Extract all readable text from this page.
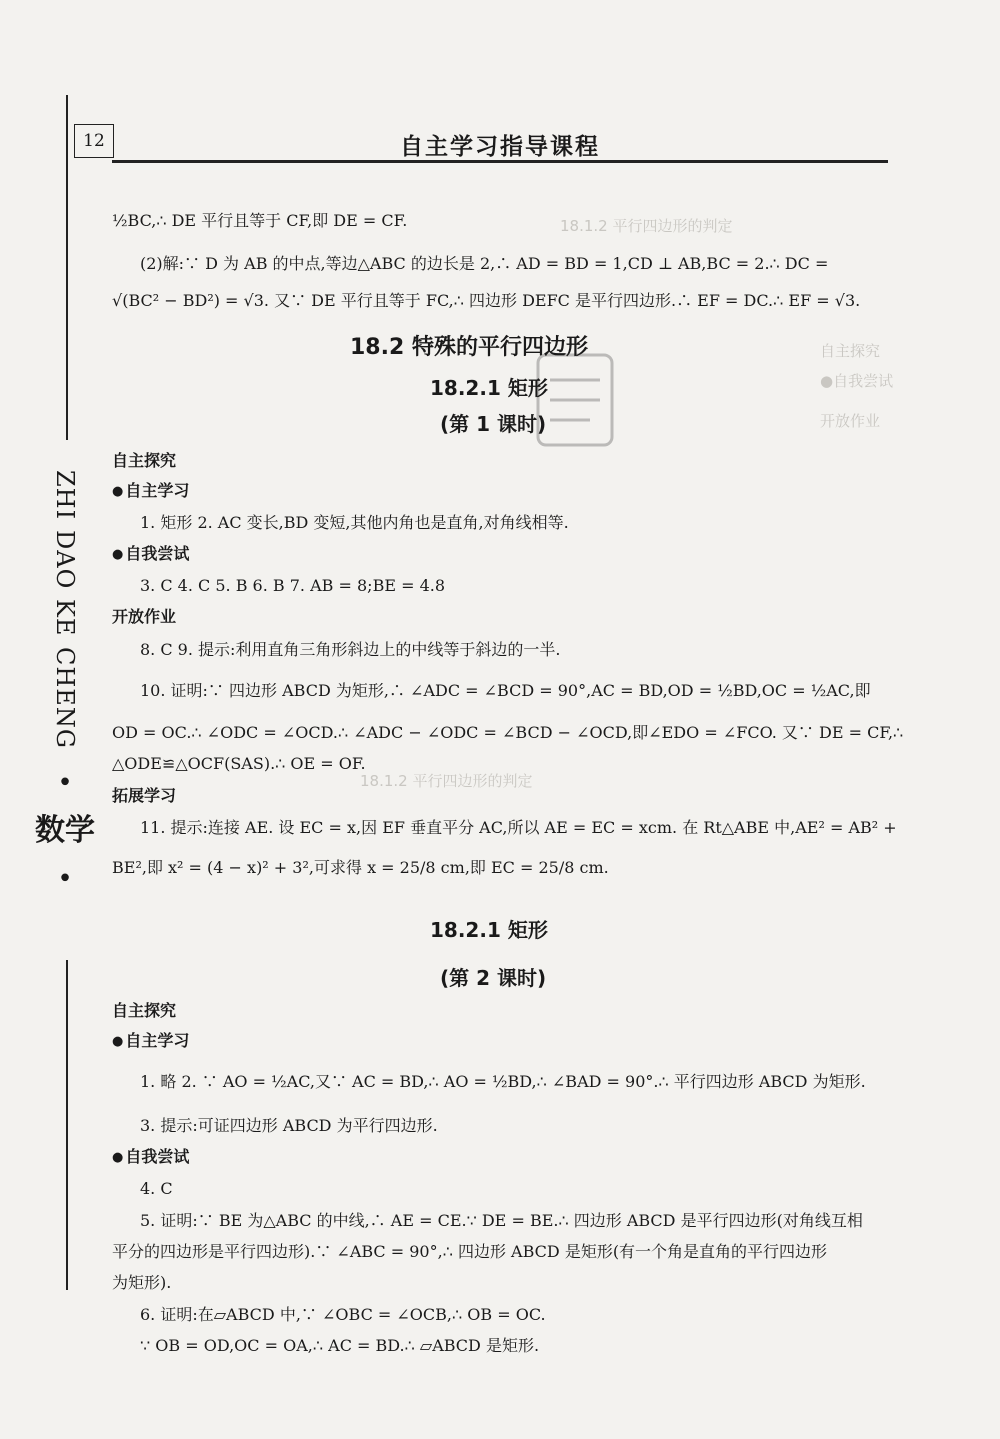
12	自主学习指导课程
ZHI
DAO
KE
CHENG
•
数学
•
18.1.2 平行四边形的判定
自主探究
●自我尝试
开放作业
18.1.2 平行四边形的判定
½BC,∴ DE 平行且等于 CF,即 DE = CF.
(2)解:∵ D 为 AB 的中点,等边△ABC 的边长是 2,∴ AD = BD = 1,CD ⊥ AB,BC = 2.∴ DC =
√(BC² − BD²) = √3. 又∵ DE 平行且等于 FC,∴ 四边形 DEFC 是平行四边形.∴ EF = DC.∴ EF = √3.
18.2 特殊的平行四边形
18.2.1 矩形
(第 1 课时)
自主探究
● 自主学习
1. 矩形 2. AC 变长,BD 变短,其他内角也是直角,对角线相等.
● 自我尝试
3. C 4. C 5. B 6. B 7. AB = 8;BE = 4.8
开放作业
8. C 9. 提示:利用直角三角形斜边上的中线等于斜边的一半.
10. 证明:∵ 四边形 ABCD 为矩形,∴ ∠ADC = ∠BCD = 90°,AC = BD,OD = ½BD,OC = ½AC,即
OD = OC.∴ ∠ODC = ∠OCD.∴ ∠ADC − ∠ODC = ∠BCD − ∠OCD,即∠EDO = ∠FCO. 又∵ DE = CF,∴
△ODE≌△OCF(SAS).∴ OE = OF.
拓展学习
11. 提示:连接 AE. 设 EC = x,因 EF 垂直平分 AC,所以 AE = EC = xcm. 在 Rt△ABE 中,AE² = AB² +
BE²,即 x² = (4 − x)² + 3²,可求得 x = 25/8 cm,即 EC = 25/8 cm.
18.2.1 矩形
(第 2 课时)
自主探究
● 自主学习
1. 略 2. ∵ AO = ½AC,又∵ AC = BD,∴ AO = ½BD,∴ ∠BAD = 90°.∴ 平行四边形 ABCD 为矩形.
3. 提示:可证四边形 ABCD 为平行四边形.
● 自我尝试
4. C
5. 证明:∵ BE 为△ABC 的中线,∴ AE = CE.∵ DE = BE.∴ 四边形 ABCD 是平行四边形(对角线互相
平分的四边形是平行四边形).∵ ∠ABC = 90°,∴ 四边形 ABCD 是矩形(有一个角是直角的平行四边形
为矩形).
6. 证明:在▱ABCD 中,∵ ∠OBC = ∠OCB,∴ OB = OC.
∵ OB = OD,OC = OA,∴ AC = BD.∴ ▱ABCD 是矩形.
